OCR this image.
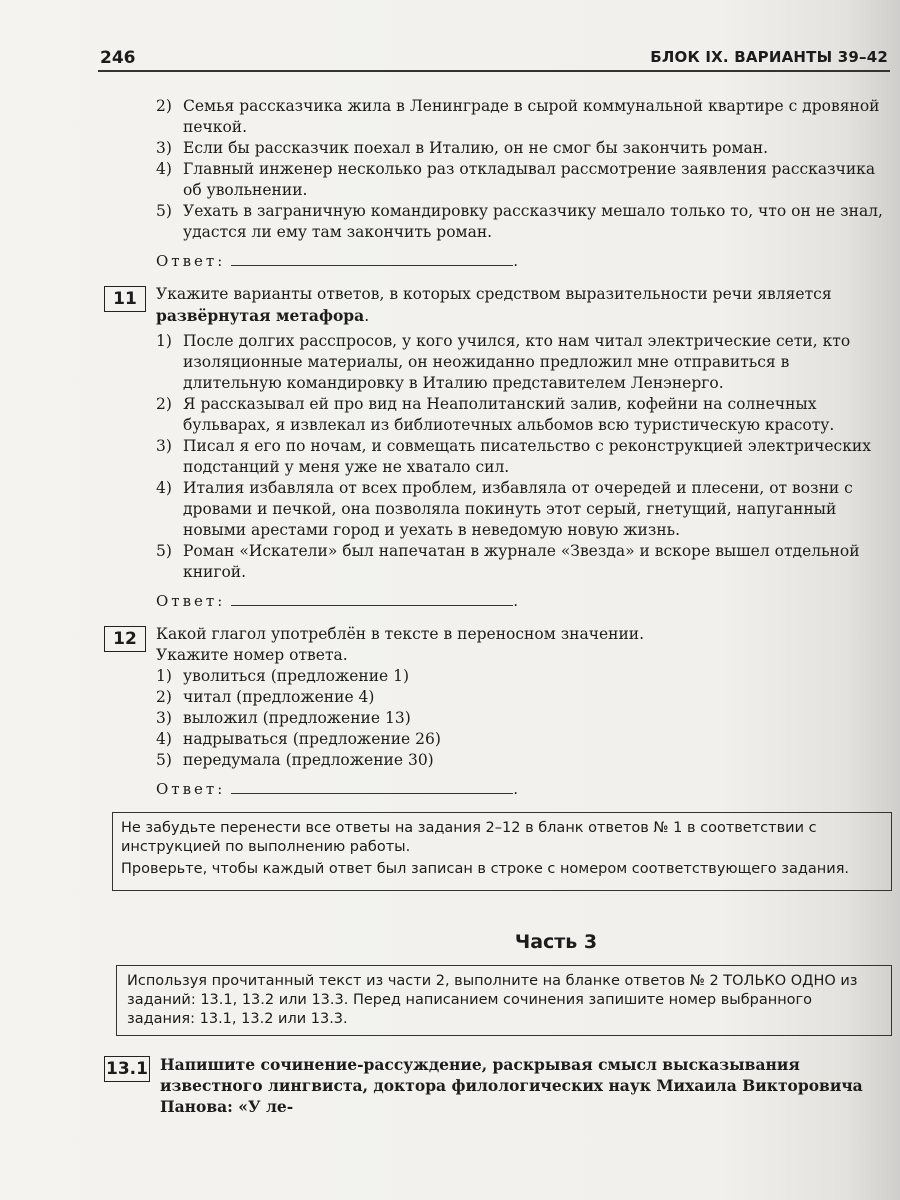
246	БЛОК IX. ВАРИАНТЫ 39–42
2) Семья рассказчика жила в Ленинграде в сырой коммунальной квартире с дровяной печкой.
3) Если бы рассказчик поехал в Италию, он не смог бы закончить роман.
4) Главный инженер несколько раз откладывал рассмотрение заявления рассказчика об увольнении.
5) Уехать в заграничную командировку рассказчику мешало только то, что он не знал, удастся ли ему там закончить роман.
Ответ:	.
11	Укажите варианты ответов, в которых средством выразительности речи является развёрнутая метафора.
1) После долгих расспросов, у кого учился, кто нам читал электрические сети, кто изоляционные материалы, он неожиданно предложил мне отправиться в длительную командировку в Италию представителем Ленэнерго.
2) Я рассказывал ей про вид на Неаполитанский залив, кофейни на солнечных бульварах, я извлекал из библиотечных альбомов всю туристическую красоту.
3) Писал я его по ночам, и совмещать писательство с реконструкцией электрических подстанций у меня уже не хватало сил.
4) Италия избавляла от всех проблем, избавляла от очередей и плесени, от возни с дровами и печкой, она позволяла покинуть этот серый, гнетущий, напуганный новыми арестами город и уехать в неведомую новую жизнь.
5) Роман «Искатели» был напечатан в журнале «Звезда» и вскоре вышел отдельной книгой.
Ответ:	.
12	Какой глагол употреблён в тексте в переносном значении.
Укажите номер ответа.
1) уволиться (предложение 1)
2) читал (предложение 4)
3) выложил (предложение 13)
4) надрываться (предложение 26)
5) передумала (предложение 30)
Ответ:	.

Не забудьте перенести все ответы на задания 2–12 в бланк ответов № 1 в соответствии с инструкцией по выполнению работы.

Проверьте, чтобы каждый ответ был записан в строке с номером соответствующего задания.

Часть 3
Используя прочитанный текст из части 2, выполните на бланке ответов № 2 ТОЛЬКО ОДНО из заданий: 13.1, 13.2 или 13.3. Перед написанием сочинения запишите номер выбранного задания: 13.1, 13.2 или 13.3.
13.1 Напишите сочинение-рассуждение, раскрывая смысл высказывания известного лингвиста, доктора филологических наук Михаила Викторовича Панова: «У ле-
